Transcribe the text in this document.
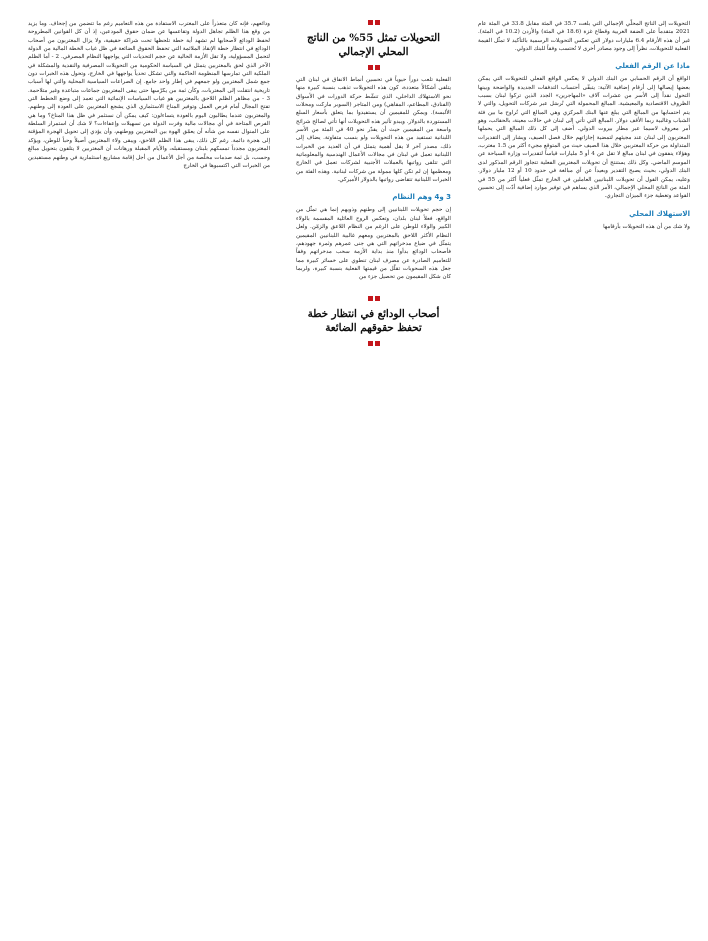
التحويلات إلى الناتج المحلّي الإجمالي التي بلغت 35.7 في المئة مقابل 33.8 في المئة عام 2021 متقدماً على الضفة الغربية وقطاع غزة (18.6 في المئة) والأردن (10.2 في المئة). غير أن هذه الأرقام 6.4 مليارات دولار التي تعكس التحويلات الرسمية بالتأكيد لا تمثّل القيمة الفعلية للتحويلات، نظراً إلى وجود مصادر أخرى لا تُحتسب وفقاً للبنك الدولي.

ماذا عن الرقم الفعلي

الواقع أن الرقم الحسابي من البنك الدولي لا يعكس الواقع الفعلي للتحويلات التي يمكن بعضها إيصالها إلى أرقام إضافية الآتية: يتبقّى أحتساب التدفقات الجديدة والواضحة وبينها التحول نقداً إلى الأسر من عشرات آلاف «المهاجرين» الجدد الذين تركوا لبنان بسبب الظروف الاقتصادية والمعيشية. المبالغ المحمولة التي تُرسَل عبر شركات التحويل، والتي لا يتم احتسابها من المبالغ التي يبلغ عنها البنك المركزي وهي المبالغ التي تُراوح ما بين فئة الشباب وغالبية ربما الأقف دولار. المبالغ التي تأتي إلى لبنان في حالات معينة، بالحقائب، وهو أمر معروف لاسيما عبر مطار بيروت الدولي. أضف إلى كل ذلك المبالغ التي يحملها المغتربون إلى لبنان عند مجيئهم لتمضية إجازاتهم خلال فصل الصيف، ويشار إلى التقديرات المتداولة من حركة المغتربين خلال هذا الصيف حيث من المتوقع مجيء أكثر من 1.5 مغترب، وهؤلاء ينفقون في لبنان مبالغ لا تقل عن 4 أو 5 مليارات قياساً لتقديرات وزارة السياحة عن الموسم الماضي. وكل ذلك يستنتج أن تحويلات المغتربين الفعلية تتجاوز الرقم المذكور لدى البنك الدولي، بحيث يصبح التقدير وبعيداً عن أي مبالغة في حدود 10 أو 12 مليار دولار. وعليه، يمكن القول أن تحويلات اللبنانيين العاملين في الخارج تمثّل فعلياً أكثر من 55 في المئة من الناتج المحلي الإجمالي، الأمر الذي يساهم في توفير موارد إضافية أدّت إلى تحسين القواعد وتغطية جزء الميزان التجاري.

الاستهلاك المحلي

ولا شك من أن هذه التحويلات بأرقامها

التحويلات تمثل 55% من الناتج المحلي الإجمالي

الفعلية تلعب دوراً حيوياً في تحسين أنماط الانفاق في لبنان التي يتلقى أشكالاً متعددة، كون هذه التحويلات تذهب بنسبة كبيرة منها نحو الاستهلاك الداخلي، الذي تنشّط حركة الدورات في الأسواق (الفنادق، المطاعم، المقاهي) ومن المتاجر (السوبر ماركت ومحلات الألبسة). ويمكن للمقيمين أن يستفيدوا بما يتعلق بأسعار السلع المستوردة بالدولار. ويبدو تأثير هذه التحويلات أنها تأتي لصالح شرائح واسعة من المقيمين حيث أن يقدّر نحو 40 في المئة من الأسر اللبنانية تستفيد من هذه التحويلات ولو بنسب متفاوتة. يضاف إلى ذلك، مصدر آخر لا يقل أهمية يتمثل في أن العديد من الخبرات اللبنانية تعمل في لبنان في مجالات الأعمال الهندسية والمعلوماتية التي تتلقى رواتبها بالعملات الأجنبية لشركات تعمل في الخارج ومعظمها إن لم تكن كلها ممولة من شركات لبنانية. وهذه الفئة من الخبرات اللبنانية تتقاضى رواتبها بالدولار الأميركي.

3 و4 وهم النظام

إن حجم تحويلات اللبنانيين إلى وطنهم وذويهم إنما هي تمثّل من الواقع، فعلاً لبنان بلدان، وتعكس الروح العائلية المقسمة بالولاء الكبير والولاء للوطن على الرغم من النظام اللاعق والزمّن. ولعل النظام الأكثر اللاحق بالمغتربين ومعهم غالبية اللبنانيين المقيمين يتمثّل في ضياع مدخراتهم التي هي جنى عمرهم وثمرة جهودهم، فأصحاب الودائع بدأوا منذ بداية الأزمة سحب مدخراتهم وفقاً للتعاميم الصادرة عن مصرف لبنان تنطوي على خسائر كبيرة مما جعل هذه السحوبات تقلّل من قيمتها الفعلية بنسبة كبيرة، ولربما كان شكل المقيمون من تحصيل جزء من

أصحاب الودائع في انتظار خطة تحفظ حقوقهم الضائعة

ودائعهم، فإنه كان متعذراً على المغترب الاستفادة من هذه التعاميم رغم ما تتضمن من إجحاف. وما يزيد من وقع هذا الظلم تجاهل الدولة وتقاعسها عن ضمان حقوق المودعين، إذ أن كل القوانين المطروحة لحفظ الودائع لأصحابها لم تشهد أية خطة تلحظها تحت شراكة حقيقية، ولا يزال المغتربون من أصحاب الودائع في انتظار خطة الإنقاذ الملائمة التي تحفظ الحقوق الضائعة في ظل غياب الخطة المالية من الدولة لتحمل المسؤولية، ولا تقل الأزمة الحالية عن حجم التحديات التي يواجهها النظام المصرفي. 2 - أما الظلم الآخر الذي لحق بالمغتربين يتمثل في السياسة الحكومية من التحويلات المصرفية والنقدية والمشكلة في الملكية التي تمارسها المنظومة الحاكمة والتي تشكل تحدياً يواجهها في الخارج، وتحول هذه الخبرات دون جمع شمل المغتربين ولو جمعهم في إطار واحد جامع. إن الصراعات السياسية المحلية والتي لها أسباب تاريخية انتقلت إلى المغتربات، وكأن ثمة من يكرّسها حتى يبقى المغتربون جماعات متباعدة وغير متلاحمة. 3 - من مظاهر الظلم اللاحق بالمغتربين هو غياب السياسات الإنمائية التي تعمد إلى وضع الخطط التي تفتح المجال أمام فرص العمل وتوفير المناخ الاستثماري الذي يشجع المغتربين على العودة إلى وطنهم. والمغتربون عندما يطالبون اليوم بالعودة يتساءلون: كيف يمكن أن نستثمر في ظل هذا المناخ؟ وما هي الفرص المتاحة في أي مجالات مالية وفرت الدولة من تسهيلات وإعفاءات؟ لا شك أن استمرار السلطة على المنوال نفسه من شأنه أن يعمّق الهوة بين المغتربين ووطنهم، وأن يؤدي إلى تحويل الهجرة المؤقتة إلى هجرة دائمة. رغم كل ذلك، يبقى هذا الظلم اللاحق، ويبقى ولاء المغتربين أصيلاً وحباً للوطن، ويؤكد المغتربون مجدداً تمسكهم بلبنان ومستقبله، والأيام المقبلة ورهانات أن المغتربين لا يتلقون بتحويل مبالغ وحسب، بل ثمة صدمات مخلّصة من أجل الأعمال من أجل إقامة مشاريع استثمارية في وطنهم مستفيدين من الخبرات التي اكتسبوها في الخارج
